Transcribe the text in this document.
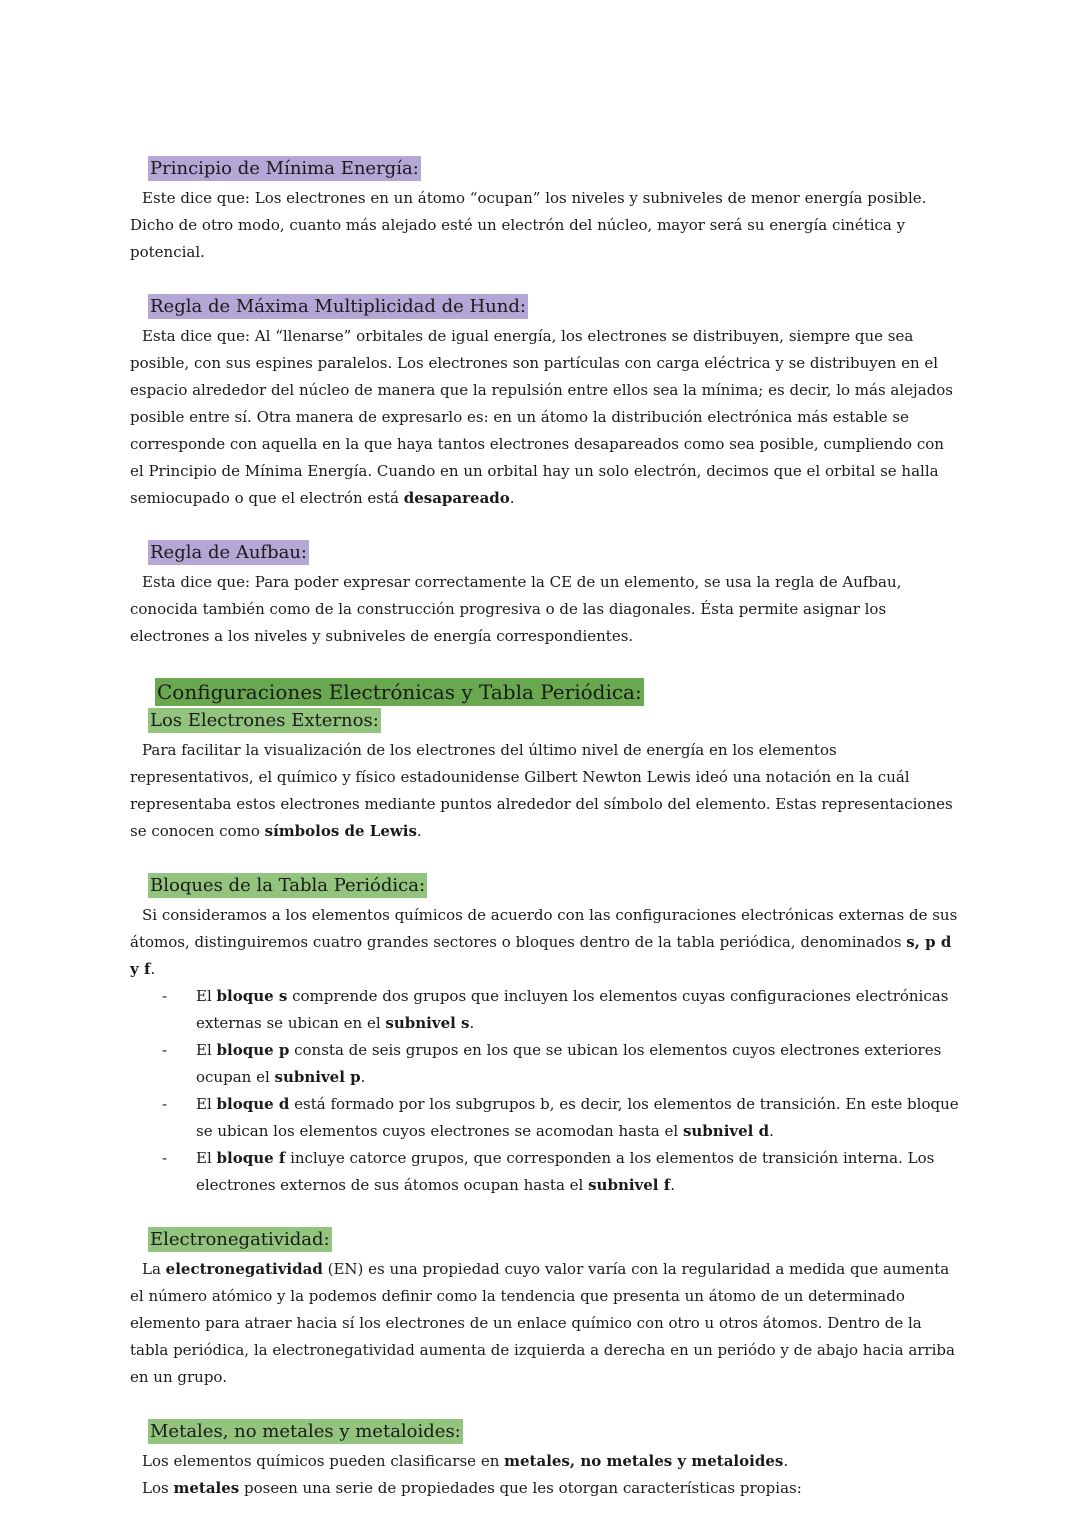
Principio de Mínima Energía:

Este dice que: Los electrones en un átomo “ocupan” los niveles y subniveles de menor energía posible. Dicho de otro modo, cuanto más alejado esté un electrón del núcleo, mayor será su energía cinética y potencial.

Regla de Máxima Multiplicidad de Hund:

Esta dice que: Al “llenarse” orbitales de igual energía, los electrones se distribuyen, siempre que sea posible, con sus espines paralelos. Los electrones son partículas con carga eléctrica y se distribuyen en el espacio alrededor del núcleo de manera que la repulsión entre ellos sea la mínima; es decir, lo más alejados posible entre sí. Otra manera de expresarlo es: en un átomo la distribución electrónica más estable se corresponde con aquella en la que haya tantos electrones desapareados como sea posible, cumpliendo con el Principio de Mínima Energía. Cuando en un orbital hay un solo electrón, decimos que el orbital se halla semiocupado o que el electrón está desapareado.

Regla de Aufbau:

Esta dice que: Para poder expresar correctamente la CE de un elemento, se usa la regla de Aufbau, conocida también como de la construcción progresiva o de las diagonales. Ésta permite asignar los electrones a los niveles y subniveles de energía correspondientes.

Configuraciones Electrónicas y Tabla Periódica:
Los Electrones Externos:

Para facilitar la visualización de los electrones del último nivel de energía en los elementos representativos, el químico y físico estadounidense Gilbert Newton Lewis ideó una notación en la cuál representaba estos electrones mediante puntos alrededor del símbolo del elemento. Estas representaciones se conocen como símbolos de Lewis.

Bloques de la Tabla Periódica:

Si consideramos a los elementos químicos de acuerdo con las configuraciones electrónicas externas de sus átomos, distinguiremos cuatro grandes sectores o bloques dentro de la tabla periódica, denominados s, p d y f.

- El bloque s comprende dos grupos que incluyen los elementos cuyas configuraciones electrónicas externas se ubican en el subnivel s.
- El bloque p consta de seis grupos en los que se ubican los elementos cuyos electrones exteriores ocupan el subnivel p.
- El bloque d está formado por los subgrupos b, es decir, los elementos de transición. En este bloque se ubican los elementos cuyos electrones se acomodan hasta el subnivel d.
- El bloque f incluye catorce grupos, que corresponden a los elementos de transición interna. Los electrones externos de sus átomos ocupan hasta el subnivel f.
Electronegatividad:

La electronegatividad (EN) es una propiedad cuyo valor varía con la regularidad a medida que aumenta el número atómico y la podemos definir como la tendencia que presenta un átomo de un determinado elemento para atraer hacia sí los electrones de un enlace químico con otro u otros átomos. Dentro de la tabla periódica, la electronegatividad aumenta de izquierda a derecha en un periódo y de abajo hacia arriba en un grupo.

Metales, no metales y metaloides:

Los elementos químicos pueden clasificarse en metales, no metales y metaloides.

Los metales poseen una serie de propiedades que les otorgan características propias:
